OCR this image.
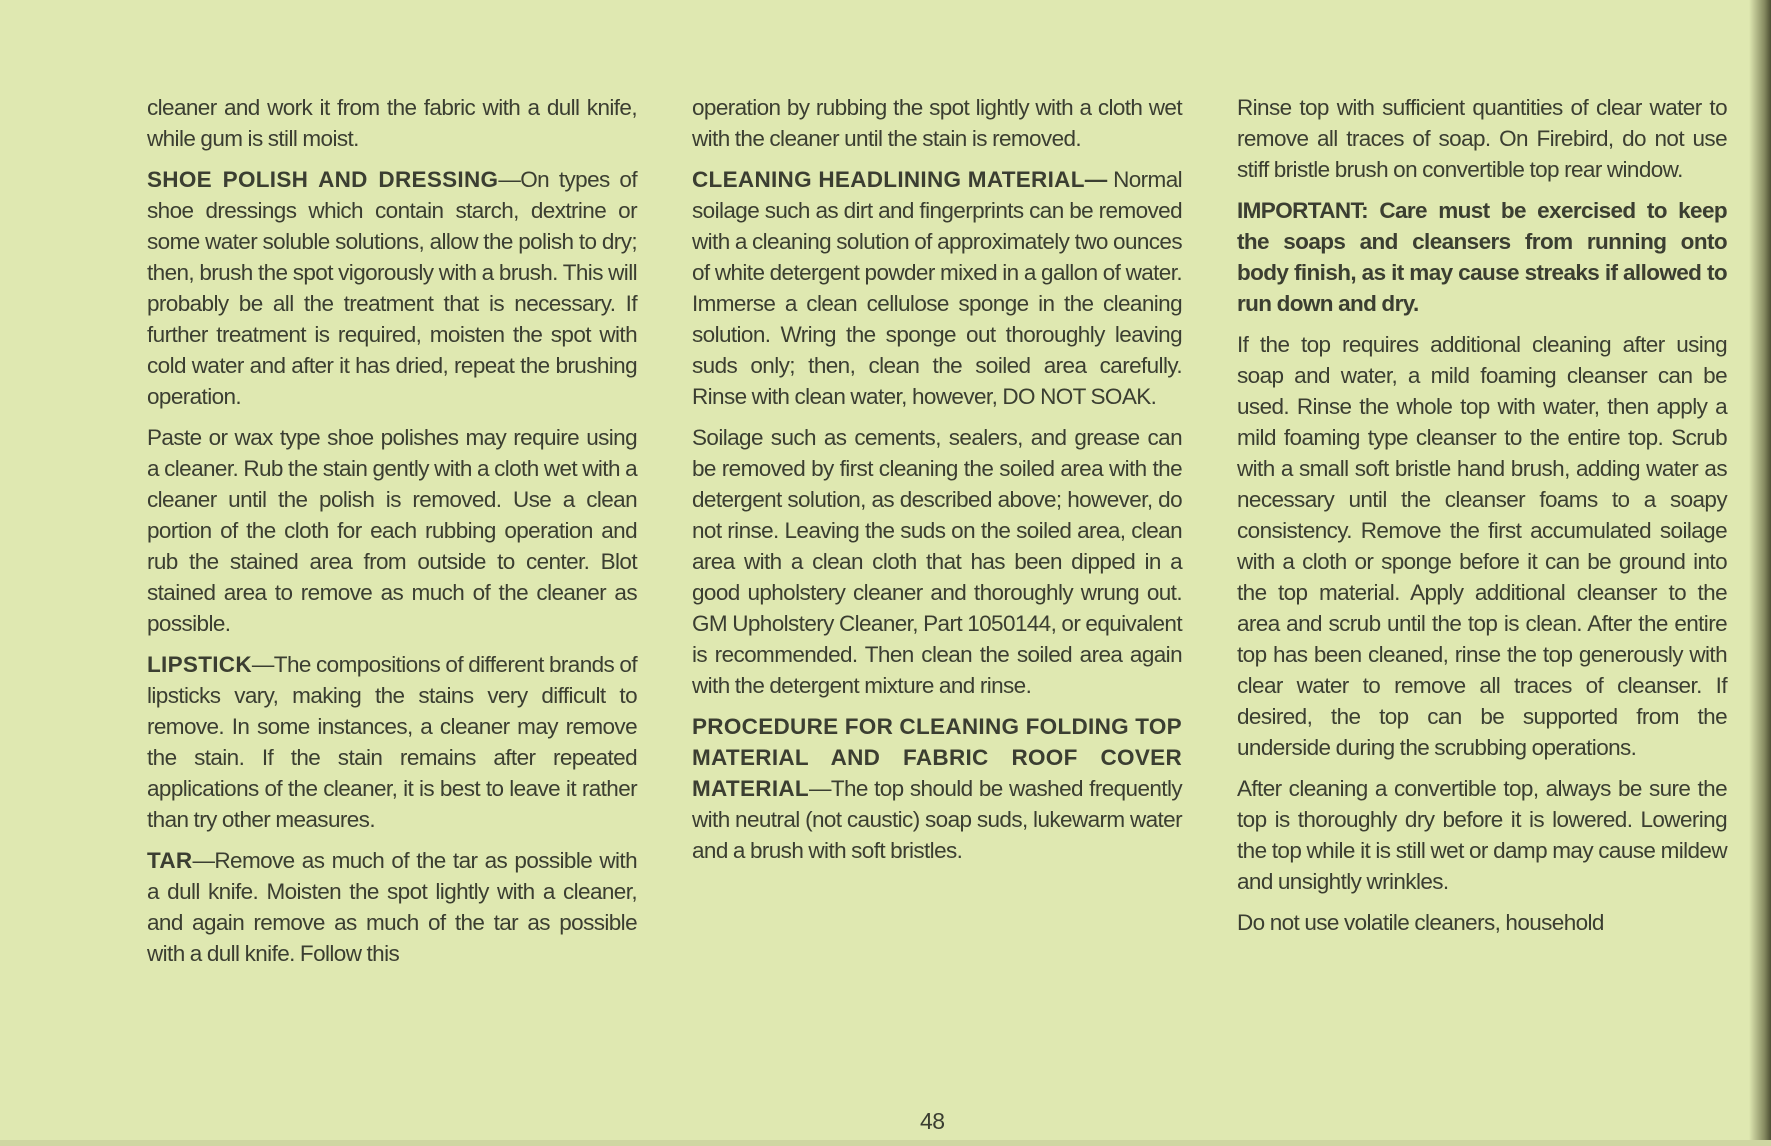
cleaner and work it from the fabric with a dull knife, while gum is still moist.

SHOE POLISH AND DRESSING—On types of shoe dressings which contain starch, dextrine or some water soluble solutions, allow the polish to dry; then, brush the spot vigorously with a brush. This will probably be all the treatment that is necessary. If further treatment is required, moisten the spot with cold water and after it has dried, repeat the brushing operation.

Paste or wax type shoe polishes may require using a cleaner. Rub the stain gently with a cloth wet with a cleaner until the polish is removed. Use a clean portion of the cloth for each rubbing operation and rub the stained area from outside to center. Blot stained area to remove as much of the cleaner as possible.

LIPSTICK—The compositions of different brands of lipsticks vary, making the stains very difficult to remove. In some instances, a cleaner may remove the stain. If the stain remains after repeated applications of the cleaner, it is best to leave it rather than try other measures.

TAR—Remove as much of the tar as possible with a dull knife. Moisten the spot lightly with a cleaner, and again remove as much of the tar as possible with a dull knife. Follow this

operation by rubbing the spot lightly with a cloth wet with the cleaner until the stain is removed.

CLEANING HEADLINING MATERIAL— Normal soilage such as dirt and fingerprints can be removed with a cleaning solution of approximately two ounces of white detergent powder mixed in a gallon of water. Immerse a clean cellulose sponge in the cleaning solution. Wring the sponge out thoroughly leaving suds only; then, clean the soiled area carefully. Rinse with clean water, however, DO NOT SOAK.

Soilage such as cements, sealers, and grease can be removed by first cleaning the soiled area with the detergent solution, as described above; however, do not rinse. Leaving the suds on the soiled area, clean area with a clean cloth that has been dipped in a good upholstery cleaner and thoroughly wrung out. GM Upholstery Cleaner, Part 1050144, or equivalent is recommended. Then clean the soiled area again with the detergent mixture and rinse.

PROCEDURE FOR CLEANING FOLDING TOP MATERIAL AND FABRIC ROOF COVER MATERIAL—The top should be washed frequently with neutral (not caustic) soap suds, lukewarm water and a brush with soft bristles.

Rinse top with sufficient quantities of clear water to remove all traces of soap. On Firebird, do not use stiff bristle brush on convertible top rear window.

IMPORTANT: Care must be exercised to keep the soaps and cleansers from running onto body finish, as it may cause streaks if allowed to run down and dry.

If the top requires additional cleaning after using soap and water, a mild foaming cleanser can be used. Rinse the whole top with water, then apply a mild foaming type cleanser to the entire top. Scrub with a small soft bristle hand brush, adding water as necessary until the cleanser foams to a soapy consistency. Remove the first accumulated soilage with a cloth or sponge before it can be ground into the top material. Apply additional cleanser to the area and scrub until the top is clean. After the entire top has been cleaned, rinse the top generously with clear water to remove all traces of cleanser. If desired, the top can be supported from the underside during the scrubbing operations.

After cleaning a convertible top, always be sure the top is thoroughly dry before it is lowered. Lowering the top while it is still wet or damp may cause mildew and unsightly wrinkles.

Do not use volatile cleaners, household

48
